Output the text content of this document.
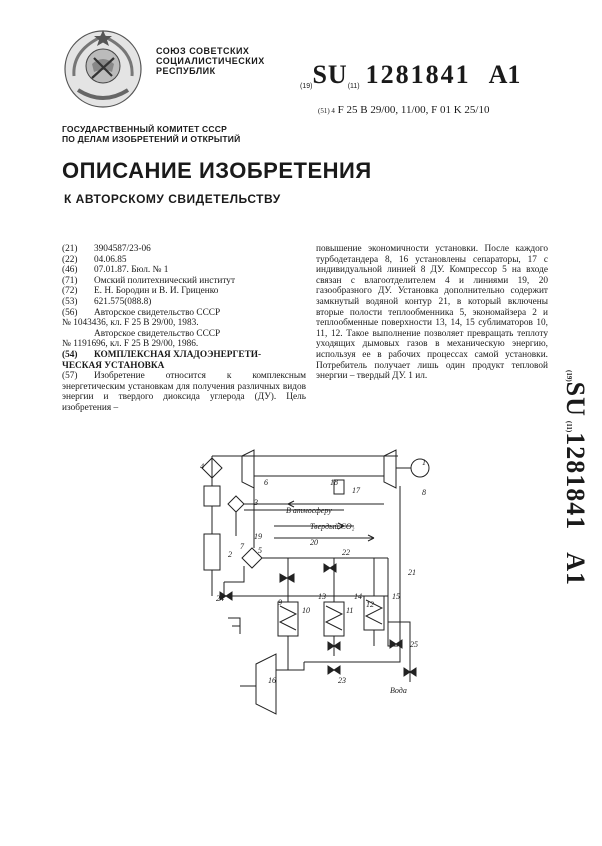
СОЮЗ СОВЕТСКИХ
СОЦИАЛИСТИЧЕСКИХ
РЕСПУБЛИК
(19)SU(11) 1281841 A1
(51) 4 F 25 B 29/00, 11/00, F 01 K 25/10
ГОСУДАРСТВЕННЫЙ КОМИТЕТ СССР
ПО ДЕЛАМ ИЗОБРЕТЕНИЙ И ОТКРЫТИЙ
ОПИСАНИЕ ИЗОБРЕТЕНИЯ
К АВТОРСКОМУ СВИДЕТЕЛЬСТВУ
(21) 3904587/23-06
(22) 04.06.85
(46) 07.01.87. Бюл. № 1
(71) Омский политехнический институт
(72) Е. Н. Бородин и В. И. Гриценко
(53) 621.575(088.8)
(56) Авторское свидетельство СССР
№ 1043436, кл. F 25 B 29/00, 1983.
Авторское свидетельство СССР
№ 1191696, кл. F 25 B 29/00, 1986.
(54) КОМПЛЕКСНАЯ ХЛАДОЭНЕРГЕТИ-
ЧЕСКАЯ УСТАНОВКА
(57) Изобретение относится к комплексным энергетическим установкам для получения различных видов энергии и твердого диоксида углерода (ДУ). Цель изобретения –
повышение экономичности установки. После каждого турбодетандера 8, 16 установлены сепараторы, 17 с индивидуальной линией 8 ДУ. Компрессор 5 на входе связан с влагоотделителем 4 и линиями 19, 20 газообразного ДУ. Установка дополнительно содержит замкнутый водяной контур 21, в который включены вторые полости теплообменника 5, экономайзера 2 и теплообменные поверхности 13, 14, 15 сублиматоров 10, 11, 12. Такое выполнение позволяет превращать теплоту уходящих дымовых газов в механическую энергию, используя ее в рабочих процессах самой установки. Потребитель получает лишь один продукт тепловой энергии – твердый ДУ. 1 ил.	(19)SU (11)1281841 A1
В атмосферу
Твердый CO₂
Вода
1
2
3
4
5
6
7
8
9
10	11
12
13	14	15
16
17
18
19
20
21
22
23
24
25
